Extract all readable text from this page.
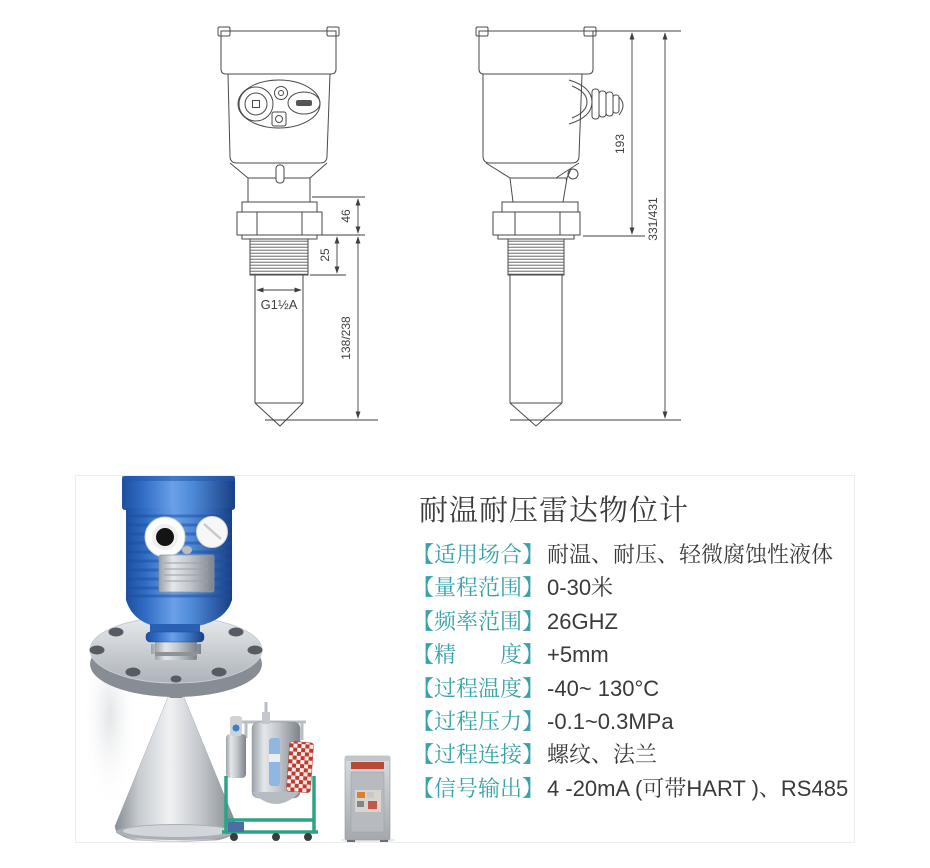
46
25
138/238
G1½A
193
331/431
耐温耐压雷达物位计
【适用场合】 耐温、耐压、轻微腐蚀性液体
【量程范围】 0-30米
【频率范围】 26GHZ
【精　　度】 +5mm
【过程温度】 -40~ 130°C
【过程压力】 -0.1~0.3MPa
【过程连接】 螺纹、法兰
【信号输出】 4 -20mA (可带HART )、RS485
